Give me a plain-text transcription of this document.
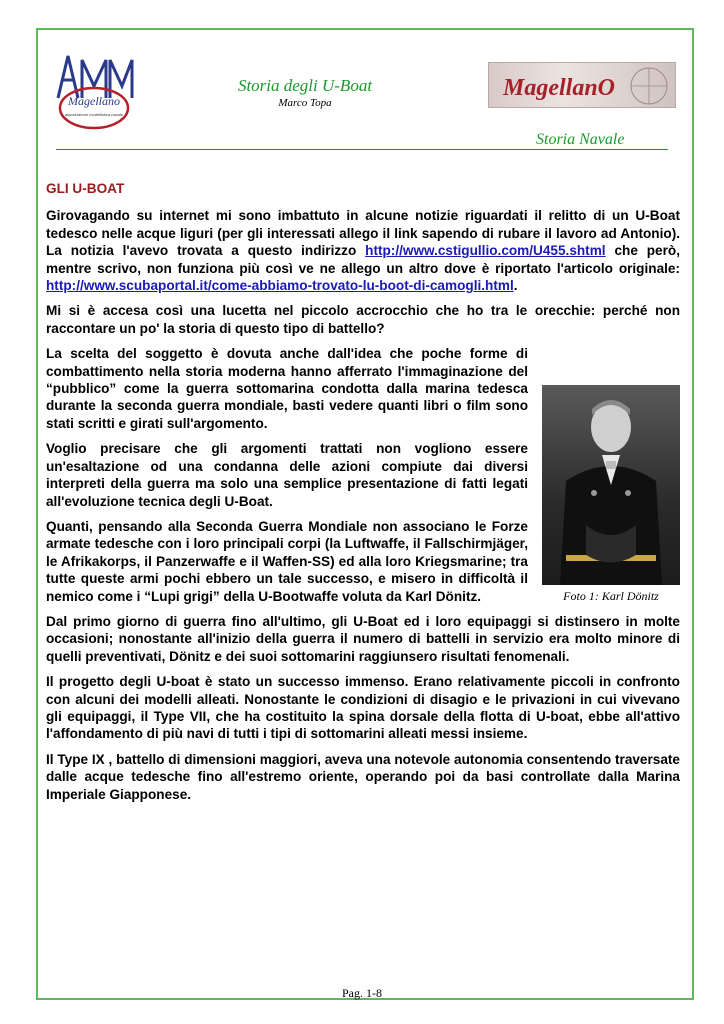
Magellano
associazione modellistica navale
Storia degli U-Boat
Marco Topa
MagellanO
Storia Navale
GLI U-BOAT

Girovagando su internet mi sono imbattuto in alcune notizie riguardati il relitto di un U-Boat tedesco nelle acque liguri (per gli interessati allego il link sapendo di rubare il lavoro ad Antonio). La notizia l'avevo trovata a questo indirizzo http://www.cstigullio.com/U455.shtml che però, mentre scrivo, non funziona più così ve ne allego un altro dove è riportato l'articolo originale: http://www.scubaportal.it/come-abbiamo-trovato-lu-boot-di-camogli.html.

Mi si è accesa così una lucetta nel piccolo accrocchio che ho tra le orecchie: perché non raccontare un po' la storia di questo tipo di battello?

Foto 1: Karl Dönitz
La scelta del soggetto è dovuta anche dall'idea che poche forme di combattimento nella storia moderna hanno afferrato l'immaginazione del “pubblico” come la guerra sottomarina condotta dalla marina tedesca durante la seconda guerra mondiale, basti vedere quanti libri o film sono stati scritti e girati sull'argomento.

Voglio precisare che gli argomenti trattati non vogliono essere un'esaltazione od una condanna delle azioni compiute dai diversi interpreti della guerra ma solo una semplice presentazione di fatti legati all'evoluzione tecnica degli U-Boat.

Quanti, pensando alla Seconda Guerra Mondiale non associano le Forze armate tedesche con i loro principali corpi (la Luftwaffe, il Fallschirmjäger, le Afrikakorps, il Panzerwaffe e il Waffen-SS) ed alla loro Kriegsmarine; tra tutte queste armi pochi ebbero un tale successo, e misero in difficoltà il nemico come i “Lupi grigi” della U-Bootwaffe voluta da Karl Dönitz.

Dal primo giorno di guerra fino all'ultimo, gli U-Boat ed i loro equipaggi si distinsero in molte occasioni; nonostante all'inizio della guerra il numero di battelli in servizio era molto minore di quelli preventivati, Dönitz e dei suoi sottomarini raggiunsero risultati fenomenali.

Il progetto degli U-boat è stato un successo immenso. Erano relativamente piccoli in confronto con alcuni dei modelli alleati. Nonostante le condizioni di disagio e le privazioni in cui vivevano gli equipaggi, il Type VII, che ha costituito la spina dorsale della flotta di U-boat, ebbe all'attivo l'affondamento di più navi di tutti i tipi di sottomarini alleati messi insieme.

Il Type IX , battello di dimensioni maggiori, aveva una notevole autonomia consentendo traversate dalle acque tedesche fino all'estremo oriente, operando poi da basi controllate dalla Marina Imperiale Giapponese.

Pag. 1-8
